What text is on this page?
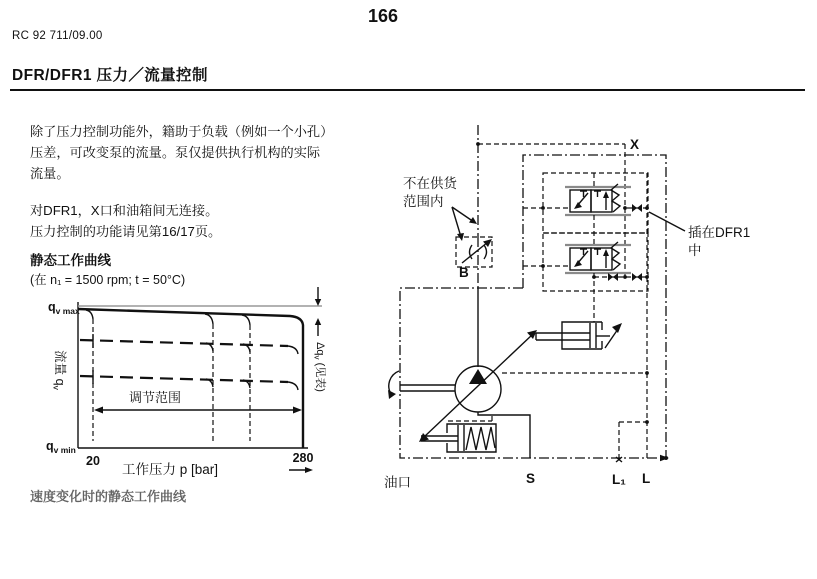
166
RC 92 711/09.00
DFR/DFR1 压力／流量控制
除了压力控制功能外，籍助于负载（例如一个小孔）
压差，可改变泵的流量。泵仅提供执行机构的实际
流量。
对DFR1，X口和油箱间无连接。
压力控制的功能请见第16/17页。
静态工作曲线
(在 n₁ = 1500 rpm; t = 50°C)
调节范围
$\Delta q_v$ (见表)
$q_{v max}$
$q_{v min}$
流量 $q_v$
20	280
工作压力 p [bar]
速度变化时的静态工作曲线
不在供货
范围内
插在DFR1
中
X
B
S	L₁ L
油口
